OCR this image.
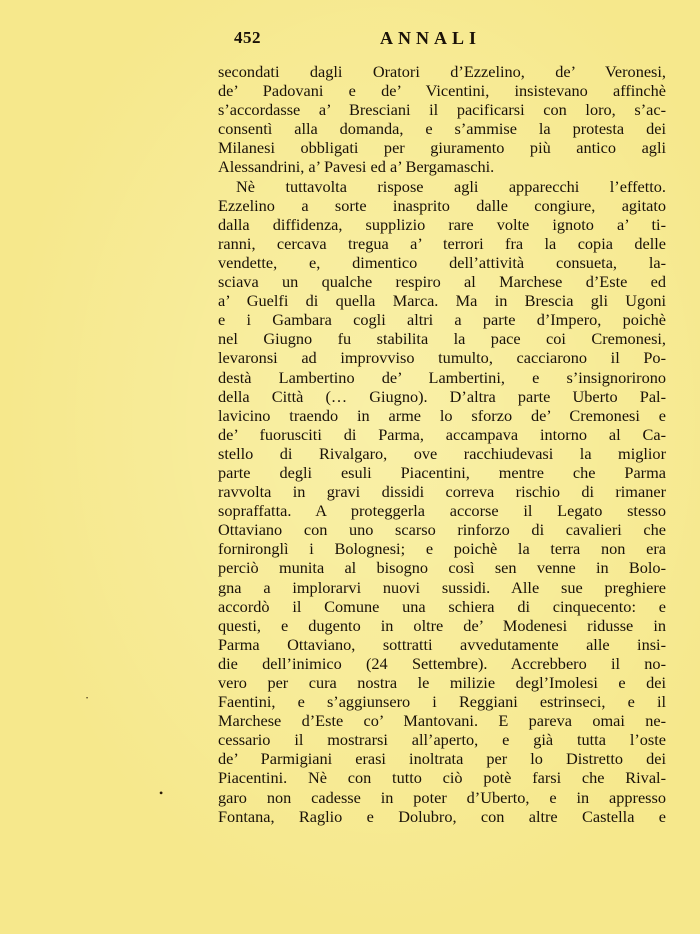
452	ANNALI
secondati dagli Oratori d’Ezzelino, de’ Veronesi,
de’ Padovani e de’ Vicentini, insistevano affinchè
s’accordasse a’ Bresciani il pacificarsi con loro, s’ac-
consentì alla domanda, e s’ammise la protesta dei
Milanesi obbligati per giuramento più antico agli
Alessandrini, a’ Pavesi ed a’ Bergamaschi.
Nè tuttavolta rispose agli apparecchi l’effetto.
Ezzelino a sorte inasprito dalle congiure, agitato
dalla diffidenza, supplizio rare volte ignoto a’ ti-
ranni, cercava tregua a’ terrori fra la copia delle
vendette, e, dimentico dell’attività consueta, la-
sciava un qualche respiro al Marchese d’Este ed
a’ Guelfi di quella Marca. Ma in Brescia gli Ugoni
e i Gambara cogli altri a parte d’Impero, poichè
nel Giugno fu stabilita la pace coi Cremonesi,
levaronsi ad improvviso tumulto, cacciarono il Po-
destà Lambertino de’ Lambertini, e s’insignorirono
della Città (… Giugno). D’altra parte Uberto Pal-
lavicino traendo in arme lo sforzo de’ Cremonesi e
de’ fuorusciti di Parma, accampava intorno al Ca-
stello di Rivalgaro, ove racchiudevasi la miglior
parte degli esuli Piacentini, mentre che Parma
ravvolta in gravi dissidi correva rischio di rimaner
sopraffatta. A proteggerla accorse il Legato stesso
Ottaviano con uno scarso rinforzo di cavalieri che
fornironglì i Bolognesi; e poichè la terra non era
perciò munita al bisogno così sen venne in Bolo-
gna a implorarvi nuovi sussidi. Alle sue preghiere
accordò il Comune una schiera di cinquecento: e
questi, e dugento in oltre de’ Modenesi ridusse in
Parma Ottaviano, sottratti avvedutamente alle insi-
die dell’inimico (24 Settembre). Accrebbero il no-
vero per cura nostra le milizie degl’Imolesi e dei
Faentini, e s’aggiunsero i Reggiani estrinseci, e il
Marchese d’Este co’ Mantovani. E pareva omai ne-
cessario il mostrarsi all’aperto, e già tutta l’oste
de’ Parmigiani erasi inoltrata per lo Distretto dei
Piacentini. Nè con tutto ciò potè farsi che Rival-
garo non cadesse in poter d’Uberto, e in appresso
Fontana, Raglio e Dolubro, con altre Castella e
•
•
